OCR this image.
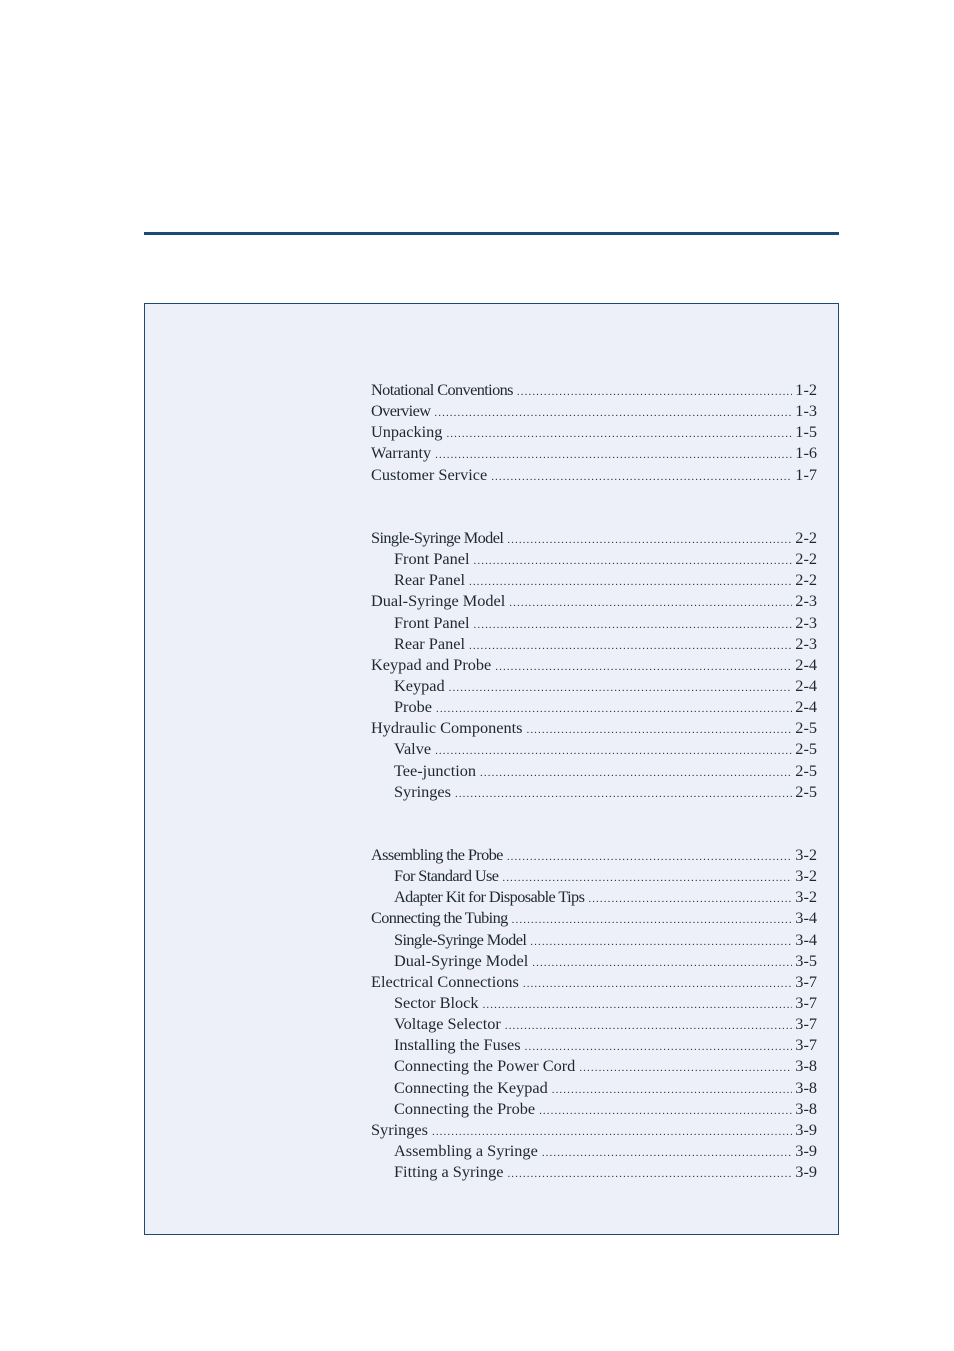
Notational Conventions .....	1-2
Overview .....	1-3
Unpacking .....	1-5
Warranty .....	1-6
Customer Service .....	1-7
Single-Syringe Model .....	2-2
Front Panel .....	2-2
Rear Panel .....	2-2
Dual-Syringe Model .....	2-3
Front Panel .....	2-3
Rear Panel .....	2-3
Keypad and Probe .....	2-4
Keypad .....	2-4
Probe .....	2-4
Hydraulic Components .....	2-5
Valve .....	2-5
Tee-junction .....	2-5
Syringes .....	2-5
Assembling the Probe .....	3-2
For Standard Use .....	3-2
Adapter Kit for Disposable Tips .....	3-2
Connecting the Tubing .....	3-4
Single-Syringe Model .....	3-4
Dual-Syringe Model .....	3-5
Electrical Connections .....	3-7
Sector Block .....	3-7
Voltage Selector .....	3-7
Installing the Fuses .....	3-7
Connecting the Power Cord .....	3-8
Connecting the Keypad .....	3-8
Connecting the Probe .....	3-8
Syringes .....	3-9
Assembling a Syringe .....	3-9
Fitting a Syringe .....	3-9
